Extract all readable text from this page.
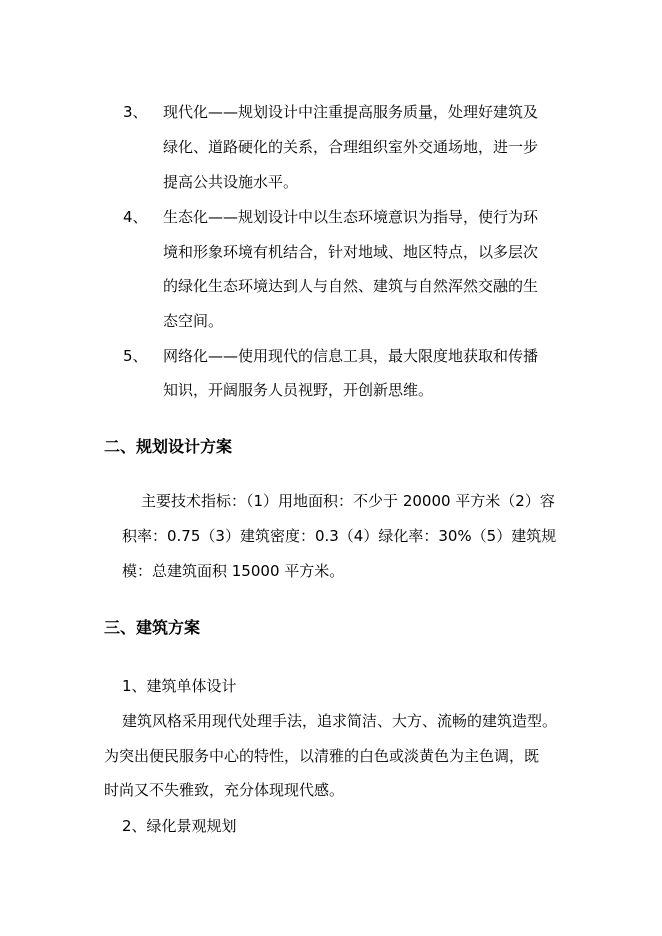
3、 现代化——规划设计中注重提高服务质量，处理好建筑及
绿化、道路硬化的关系，合理组织室外交通场地，进一步
提高公共设施水平。
4、 生态化——规划设计中以生态环境意识为指导，使行为环
境和形象环境有机结合，针对地域、地区特点，以多层次
的绿化生态环境达到人与自然、建筑与自然浑然交融的生
态空间。
5、 网络化——使用现代的信息工具，最大限度地获取和传播
知识，开阔服务人员视野，开创新思维。
二、规划设计方案
主要技术指标：（1）用地面积：不少于 20000 平方米（2）容
积率：0.75（3）建筑密度：0.3（4）绿化率：30%（5）建筑规
模：总建筑面积 15000 平方米。
三、建筑方案
1、建筑单体设计
建筑风格采用现代处理手法，追求简洁、大方、流畅的建筑造型。
为突出便民服务中心的特性，以清雅的白色或淡黄色为主色调，既
时尚又不失雅致，充分体现现代感。
2、绿化景观规划
